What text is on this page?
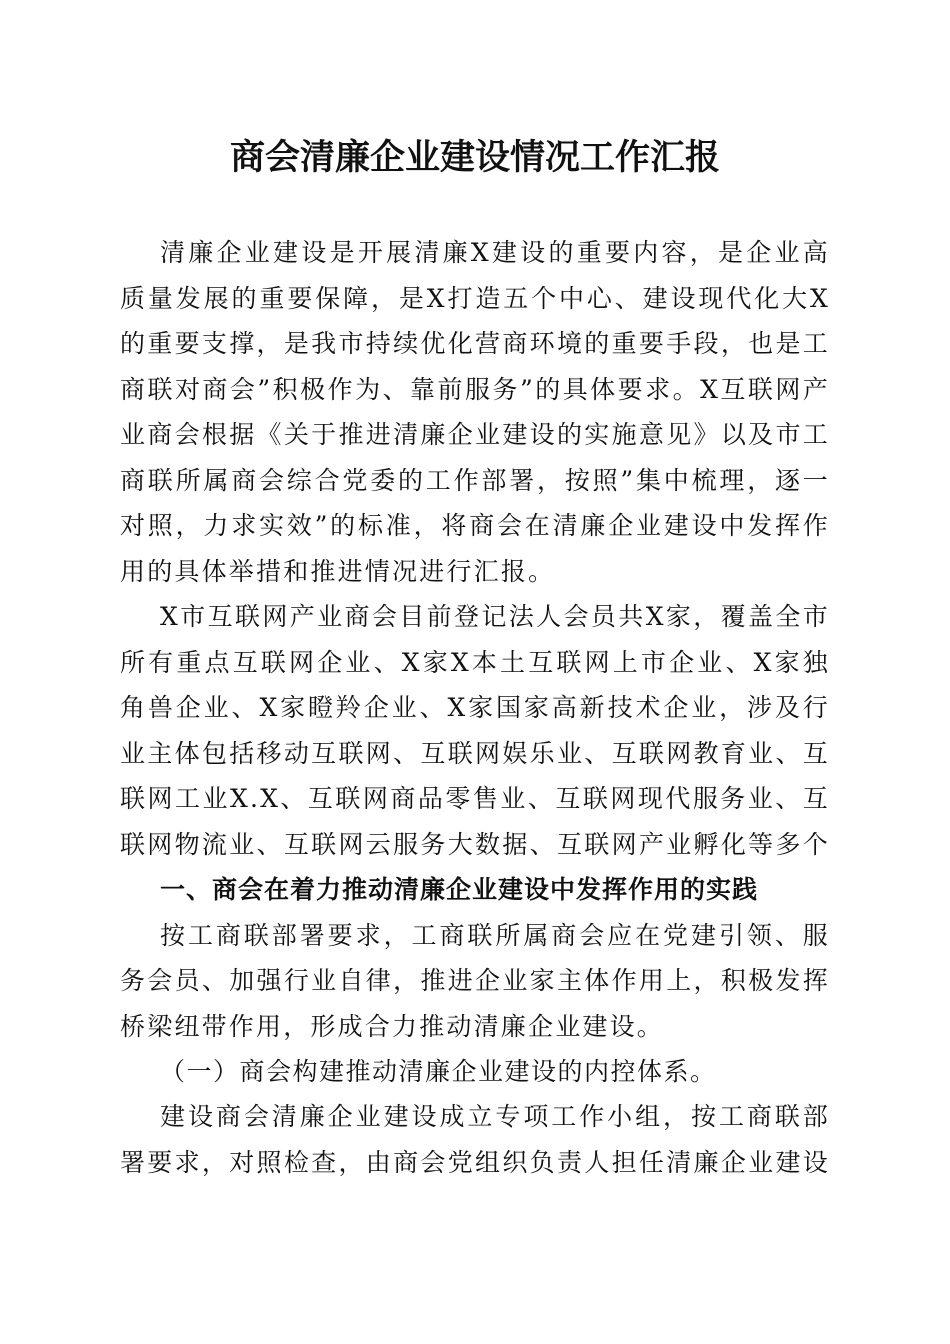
商会清廉企业建设情况工作汇报

清廉企业建设是开展清廉X建设的重要内容，是企业高质量发展的重要保障，是X打造五个中心、建设现代化大X的重要支撑，是我市持续优化营商环境的重要手段，也是工商联对商会”积极作为、靠前服务”的具体要求。X互联网产业商会根据《关于推进清廉企业建设的实施意见》以及市工商联所属商会综合党委的工作部署，按照”集中梳理，逐一对照，力求实效”的标准，将商会在清廉企业建设中发挥作用的具体举措和推进情况进行汇报。

X市互联网产业商会目前登记法人会员共X家，覆盖全市所有重点互联网企业、X家X本土互联网上市企业、X家独角兽企业、X家瞪羚企业、X家国家高新技术企业，涉及行业主体包括移动互联网、互联网娱乐业、互联网教育业、互联网工业X.X、互联网商品零售业、互联网现代服务业、互联网物流业、互联网云服务大数据、互联网产业孵化等多个

一、商会在着力推动清廉企业建设中发挥作用的实践

按工商联部署要求，工商联所属商会应在党建引领、服务会员、加强行业自律，推进企业家主体作用上，积极发挥桥梁纽带作用，形成合力推动清廉企业建设。

（一）商会构建推动清廉企业建设的内控体系。

建设商会清廉企业建设成立专项工作小组，按工商联部署要求，对照检查，由商会党组织负责人担任清廉企业建设
